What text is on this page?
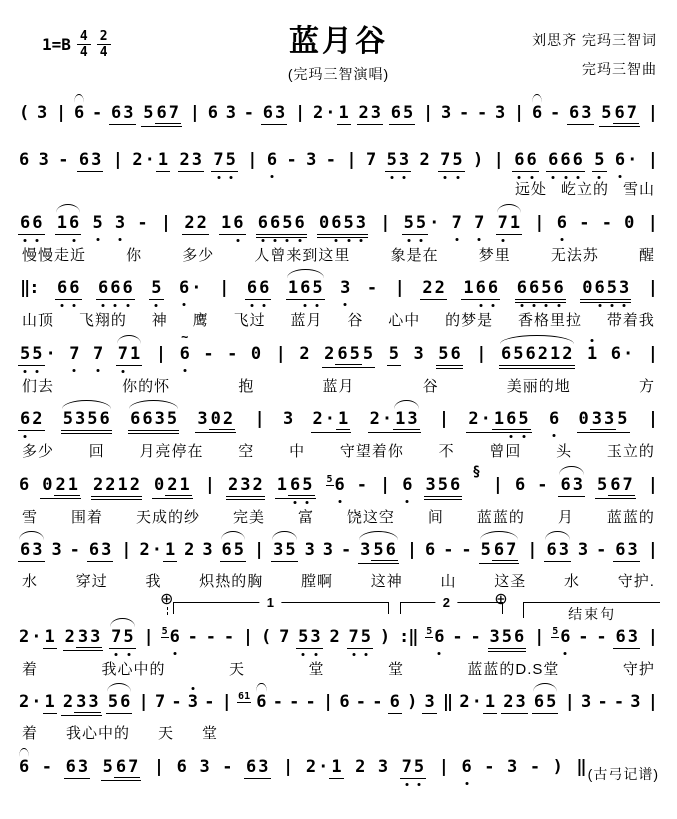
$1=B \frac{4}{4} \frac{2}{4}$	蓝月谷
(完玛三智演唱)
刘思齐 完玛三智词
完玛三智曲
( 3 | 6 - 6 3 5 6 7 | 6 3 - 6 3 | 2 · 1 2 3 6 5 | 3 - - 3 | 6 - 6 3 5 6 7 |
6 3 - 6 3 | 2 · 1 2 3 7 5 | 6 - 3 - | 7 5 3 2 7 5 ) | 6 6 6 6 6 5 6 · |
远处 屹立的 雪山
6 6 1 6 5 3 - | 2 2 1 6 6 6 5 6 0 6 5 3 | 5 5 · 7 7 7 1 | 6 - - 0 |
慢慢走近	你	多少	人曾来到这里	象是在	梦里	无法苏	醒
‖: 6 6 6 6 6 5 6 · | 6 6 1 6 5 3 - | 2 2 1 6 6 6 6 5 6 0 6 5 3 |
山顶 飞翔的 神 鹰 飞过 蓝月 谷 心中 的梦是 香格里拉 带着我
5 5 · 7 7 7 1 | 6
~ - - 0 | 2 2 6 5 5 5 3 5 6 | 6 5 6 2 1 2 1 6 · |
们去	你的怀	抱	蓝月	谷	美丽的地	方
6 2 5 3 5 6 6 6 3 5 3 0 2 | 3 2 · 1 2 · 1 3 | 2 · 1 6 5 6 0 3 3 5 |
多少 回 月亮停在 空 中 守望着你 不 曾回 头 玉立的
6 0 2 1 2 2 1 2 0 2 1 | 2 3 2 1 6 5 5 6 - | 6 3 5 6
§
| 6 - 6 3 5 6 7 |
雪 围着 天成的纱 完美 富 饶这空 间 蓝蓝的 月 蓝蓝的
6 3 3 - 6 3 | 2 · 1 2 3 6 5 | 3 5 3 3 - 3 5 6 | 6 - - 5 6 7 | 6 3 3 - 6 3 |
水	穿过	我	炽热的胸	膛啊	这神	山	这圣	水	守护.
⊕	1	2	⊕
结束句
2 · 1 2 3 3 7 5 | 5 6 - - - | ( 7 5 3 2 7 5 ) :‖ 5 6 - - 3 5 6 | 5 6 - - 6 3 |
着	我心中的	天	堂	堂	蓝蓝的D.S堂	守护
2 · 1 2 3 3 5 6 | 7 - 3 - | 61 6 - - - | 6 - - 6 ) 3 ‖ 2 · 1 2 3 6 5 | 3 - - 3 |
着 我心中的 天 堂
6 - 6 3 5 6 7 | 6 3 - 6 3 | 2 · 1 2 3 7 5 | 6 - 3 - ) ‖ (古弓记谱)
